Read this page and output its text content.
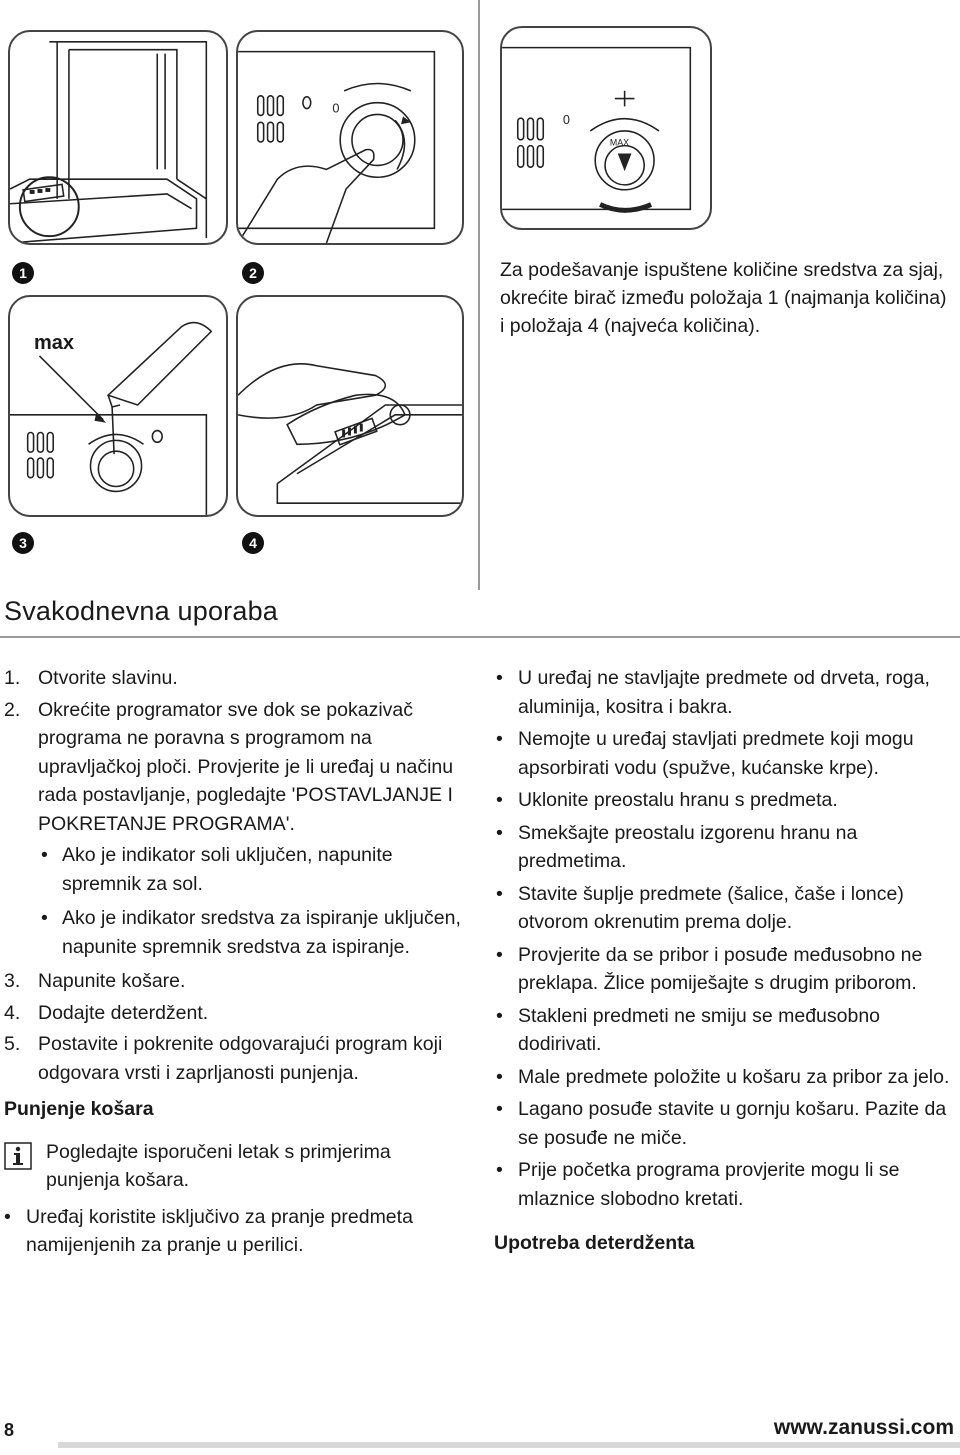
0
0
MAX
max
1	2
3	4
Za podešavanje ispuštene količine sredstva za sjaj, okrećite birač između položaja 1 (najmanja količina) i položaja 4 (najveća količina).
Svakodnevna uporaba
1. Otvorite slavinu.
2. Okrećite programator sve dok se pokazivač programa ne poravna s programom na upravljačkoj ploči. Provjerite je li uređaj u načinu rada postavljanje, pogledajte 'POSTAVLJANJE I POKRETANJE PROGRAMA'.
• Ako je indikator soli uključen, napunite spremnik za sol.
• Ako je indikator sredstva za ispiranje uključen, napunite spremnik sredstva za ispiranje.
3. Napunite košare.
4. Dodajte deterdžent.
5. Postavite i pokrenite odgovarajući program koji odgovara vrsti i zaprljanosti punjenja.
Punjenje košara
Pogledajte isporučeni letak s primjerima punjenja košara.
• Uređaj koristite isključivo za pranje predmeta namijenjenih za pranje u perilici.
• U uređaj ne stavljajte predmete od drveta, roga, aluminija, kositra i bakra.
• Nemojte u uređaj stavljati predmete koji mogu apsorbirati vodu (spužve, kućanske krpe).
• Uklonite preostalu hranu s predmeta.
• Smekšajte preostalu izgorenu hranu na predmetima.
• Stavite šuplje predmete (šalice, čaše i lonce) otvorom okrenutim prema dolje.
• Provjerite da se pribor i posuđe međusobno ne preklapa. Žlice pomiješajte s drugim priborom.
• Stakleni predmeti ne smiju se međusobno dodirivati.
• Male predmete položite u košaru za pribor za jelo.
• Lagano posuđe stavite u gornju košaru. Pazite da se posuđe ne miče.
• Prije početka programa provjerite mogu li se mlaznice slobodno kretati.
Upotreba deterdženta
8	www.zanussi.com
